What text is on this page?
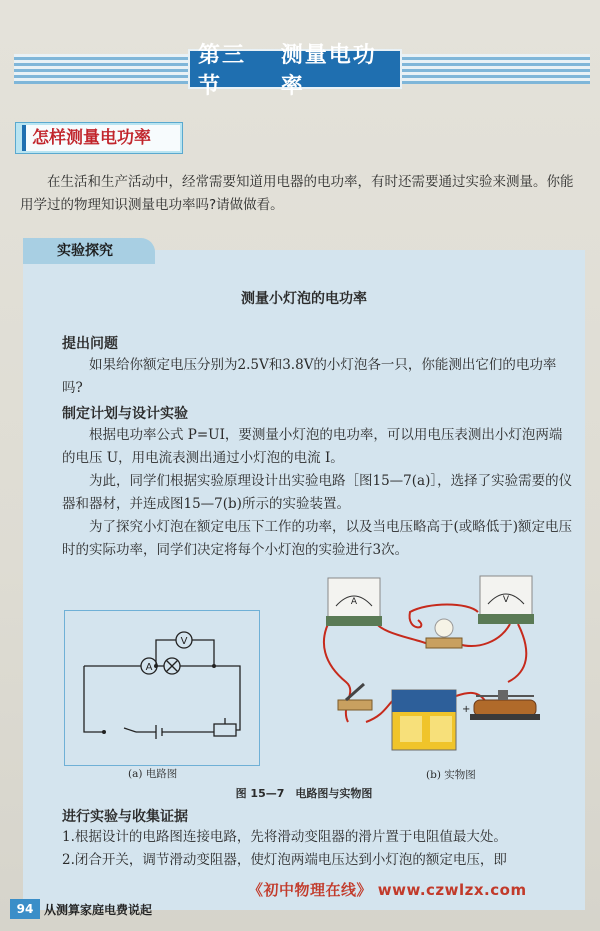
第三节
测量电功率
怎样测量电功率
在生活和生产活动中，经常需要知道用电器的电功率，有时还需要通过实验来测量。你能用学过的物理知识测量电功率吗?请做做看。
实验探究
测量小灯泡的电功率
提出问题
如果给你额定电压分别为2.5V和3.8V的小灯泡各一只，你能测出它们的电功率吗?
制定计划与设计实验
根据电功率公式 P=UI，要测量小灯泡的电功率，可以用电压表测出小灯泡两端的电压 U，用电流表测出通过小灯泡的电流 I。
为此，同学们根据实验原理设计出实验电路［图15—7(a)］，选择了实验需要的仪器和器材，并连成图15—7(b)所示的实验装置。
为了探究小灯泡在额定电压下工作的功率，以及当电压略高于(或略低于)额定电压时的实际功率，同学们决定将每个小灯泡的实验进行3次。
A
V
(a) 电路图
A	V
+
(b) 实物图
图 15—7　电路图与实物图
进行实验与收集证据
1.根据设计的电路图连接电路，先将滑动变阻器的滑片置于电阻值最大处。
2.闭合开关，调节滑动变阻器，使灯泡两端电压达到小灯泡的额定电压，即
《初中物理在线》 www.czwlzx.com
94 从测算家庭电费说起
